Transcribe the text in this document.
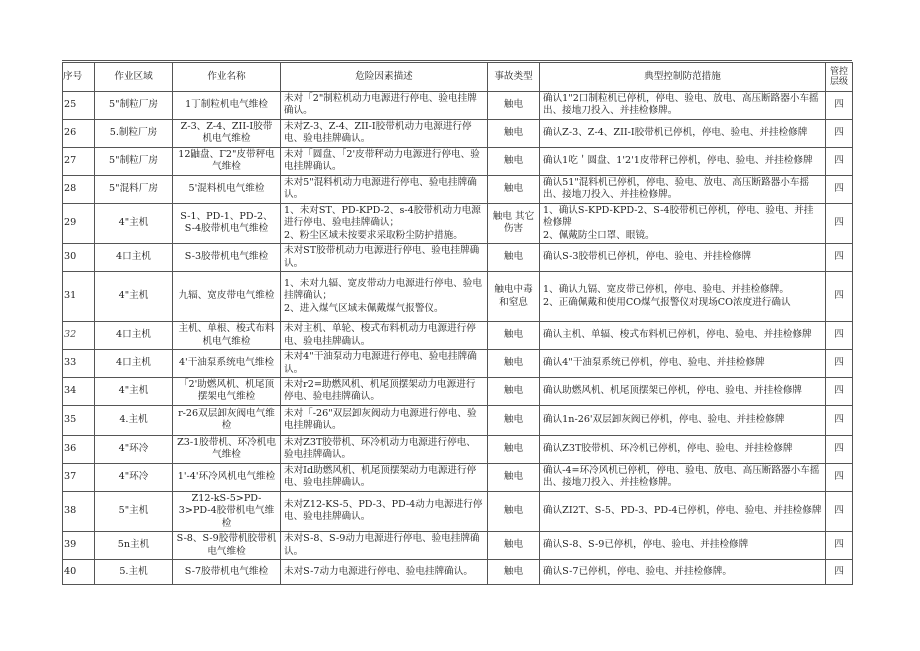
序号	作业区域	作业名称	危险因素描述	事故类型	典型控制防范措施	管控层级
25	5"制粒厂房	1丁制粒机电气维检	未对「2"制粒机动力电源进行停电、验电挂牌确认。	触电	确认1"2口制粒机已停机，停电、验电、放电、高压断路器小车摇出、接地刀投入、并挂检修牌。	四
26	5.制粒厂房	Z-3、Z-4、ZII-I胶带机电气维检	未对Z-3、Z-4、ZII-I胶带机动力电源进行停电、验电挂牌确认。	触电	确认Z-3、Z-4、ZII-I胶带机已停机，停电、验电、并挂检修牌	四
27	5"制粒厂房	12鼬盘、Γ2"皮带秤电气维检	未对「圆盘、「2'皮带秤动力电源进行停电、验电挂牌确认。	触电	确认1吃＇圆盘、1'2'1皮带秤已停机，停电、验电、并挂检修牌	四
28	5"混料厂房	5'混料机电气维检	未对5"混料机动力电源进行停电、验电挂牌确认。	触电	确认51"混料机已停机，停电、验电、放电、高压断路器小车摇出、接地刀投入、并挂检修牌。	四
29	4"主机	S-1、PD-1、PD-2、S-4胶带机电气维检	1、未对ST、PD-KPD-2、s-4胶带机动力电源进行停电、验电挂牌确认；
2、粉尘区域未按要求采取粉尘防护措施。	触电 其它伤害	1、确认S-KPD-KPD-2、S-4胶带机已停机，停电、验电、并挂检修牌
2、佩戴防尘口罩、眼镜。	四
30	4口主机	S-3胶带机电气维检	未对ST胶带机动力电源进行停电、验电挂牌确认。	触电	确认S-3胶带机已停机，停电、验电、并挂检修牌	四
31	4"主机	九辐、宽皮带电气维检	1、未对九辐、宽皮带动力电源进行停电、验电挂牌确认；
2、进入煤气区域未佩戴煤气报警仪。	触电中毒和窒息	1、确认九镉、宽皮带已停机，停电、验电、并挂检修牌。
2、正确佩戴和使用CO煤气报警仪对现场CO浓度进行确认	四
32	4口主机	主机、单根、梭式布料机电气维检	未对主机、单轮、梭式布料机动力电源进行停电、验电挂牌确认。	触电	确认主机、单辐、梭式布料机已停机，停电、验电、并挂检修牌	四
33	4口主机	4'干油泵系统电气维检	未对4"干油泵动力电源进行停电、验电挂牌确认。	触电	确认4"干油泵系统已停机，停电、验电、并挂检修牌	四
34	4"主机	「2'助燃风机、机尾顶摆架电气维检	未对r2=助燃风机、机尾顶摆架动力电源进行停电、验电挂牌确认。	触电	确认助燃风机、机尾顶摆架已停机，停电、验电、并挂检修牌	四
35	4.主机	r-26双层卸灰阀电气维检	未对「-26"双层卸灰阀动力电源进行停电、验电挂牌确认。	触电	确认1n-26'双层卸灰阀已停机，停电、验电、并挂检修牌	四
36	4"环冷	Z3-1胶带机、环冷机电气维检	未对Z3T胶带机、环冷机动力电源进行停电、验电挂牌确认。	触电	确认Z3T胶带机、环冷机已停机，停电、验电、并挂检修牌	四
37	4"环冷	1'-4'环冷风机电气维检	未对Id助燃风机、机尾顶摆架动力电源进行停电、验电挂牌确认。	触电	确认-4=环冷风机已停机，停电、验电、放电、高压断路器小车摇出、接地刀投入、并挂检修牌。	四
38	5"主机	Z12-kS-5>PD-3>PD-4胶带机电气维检	未对Z12-KS-5、PD-3、PD-4动力电源进行停电、验电挂牌确认。	触电	确认ZI2T、S-5、PD-3、PD-4已停机，停电、验电、并挂检修牌	四
39	5n主机	S-8、S-9胶带机胶带机电气维检	未对S-8、S-9动力电源进行停电、验电挂牌确认。	触电	确认S-8、S-9已停机，停电、验电、并挂检修牌	四
40	5.主机	S-7胶带机电气维检	未对S-7动力电源进行停电、验电挂牌确认。	触电	确认S-7已停机，停电、验电、并挂检修牌。	四
